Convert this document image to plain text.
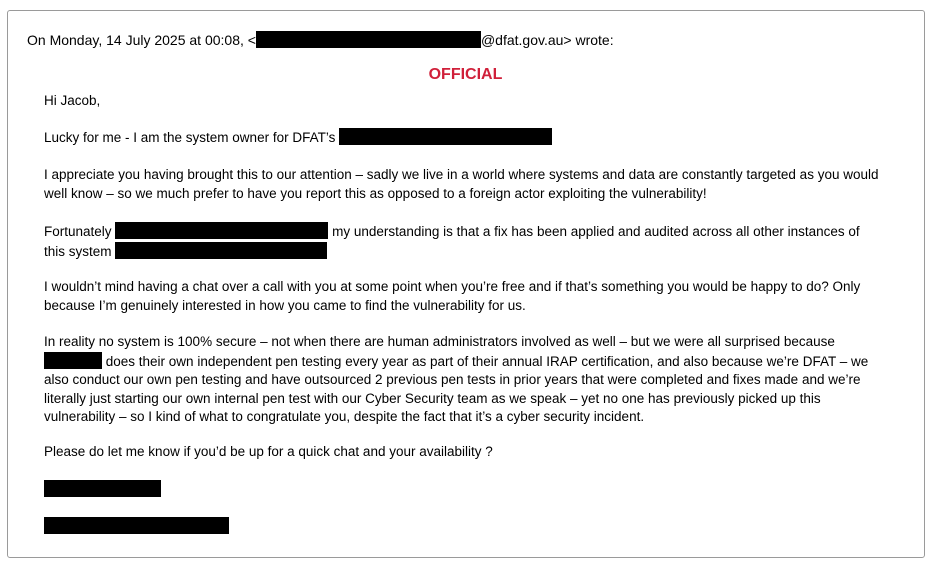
On Monday, 14 July 2025 at 00:08, <	@dfat.gov.au> wrote:
OFFICIAL
Hi Jacob,
Lucky for me - I am the system owner for DFAT’s
I appreciate you having brought this to our attention – sadly we live in a world where systems and data are constantly targeted as you would well know – so we much prefer to have you report this as opposed to a foreign actor exploiting the vulnerability!
Fortunately	my understanding is that a fix has been applied and audited across all other instances of this system
I wouldn’t mind having a chat over a call with you at some point when you’re free and if that’s something you would be happy to do? Only because I’m genuinely interested in how you came to find the vulnerability for us.
In reality no system is 100% secure – not when there are human administrators involved as well – but we were all surprised because  does their own independent pen testing every year as part of their annual IRAP certification, and also because we’re DFAT – we also conduct our own pen testing and have outsourced 2 previous pen tests in prior years that were completed and fixes made and we’re literally just starting our own internal pen test with our Cyber Security team as we speak – yet no one has previously picked up this vulnerability – so I kind of what to congratulate you, despite the fact that it’s a cyber security incident.
Please do let me know if you’d be up for a quick chat and your availability ?
